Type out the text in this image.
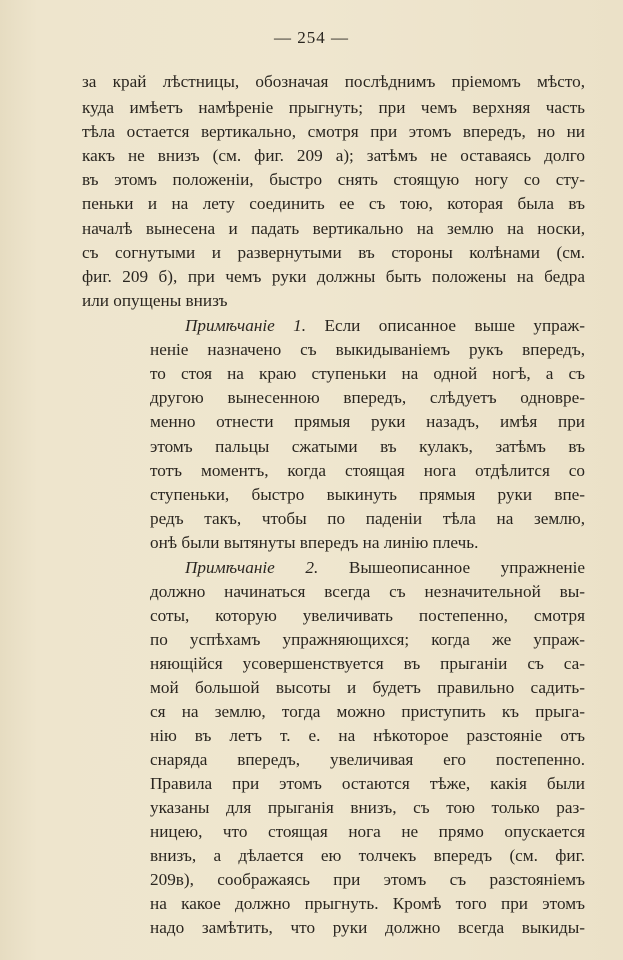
— 254 —
за край лѣстницы, обозначая послѣднимъ пріемомъ мѣсто,
куда имѣетъ намѣреніе прыгнуть; при чемъ верхняя часть
тѣла остается вертикально, смотря при этомъ впередъ, но ни
какъ не внизъ (см. фиг. 209 а); затѣмъ не оставаясь долго
въ этомъ положеніи, быстро снять стоящую ногу со сту-
пеньки и на лету соединить ее съ тою, которая была въ
началѣ вынесена и падать вертикально на землю на носки,
съ согнутыми и развернутыми въ стороны колѣнами (см.
фиг. 209 б), при чемъ руки должны быть положены на бедра
или опущены внизъ
Примѣчаніе 1. Если описанное выше упраж-
неніе назначено съ выкидываніемъ рукъ впередъ,
то стоя на краю ступеньки на одной ногѣ, а съ
другою вынесенною впередъ, слѣдуетъ одновре-
менно отнести прямыя руки назадъ, имѣя при
этомъ пальцы сжатыми въ кулакъ, затѣмъ въ
тотъ моментъ, когда стоящая нога отдѣлится со
ступеньки, быстро выкинуть прямыя руки впе-
редъ такъ, чтобы по паденіи тѣла на землю,
онѣ были вытянуты впередъ на линію плечь.
Примѣчаніе 2. Вышеописанное упражненіе
должно начинаться всегда съ незначительной вы-
соты, которую увеличивать постепенно, смотря
по успѣхамъ упражняющихся; когда же упраж-
няющійся усовершенствуется въ прыганіи съ са-
мой большой высоты и будетъ правильно садить-
ся на землю, тогда можно приступить къ прыга-
нію въ летъ т. е. на нѣкоторое разстояніе отъ
снаряда впередъ, увеличивая его постепенно.
Правила при этомъ остаются тѣже, какія были
указаны для прыганія внизъ, съ тою только раз-
ницею, что стоящая нога не прямо опускается
внизъ, а дѣлается ею толчекъ впередъ (см. фиг.
209в), соображаясь при этомъ съ разстояніемъ
на какое должно прыгнуть. Кромѣ того при этомъ
надо замѣтить, что руки должно всегда выкиды-
